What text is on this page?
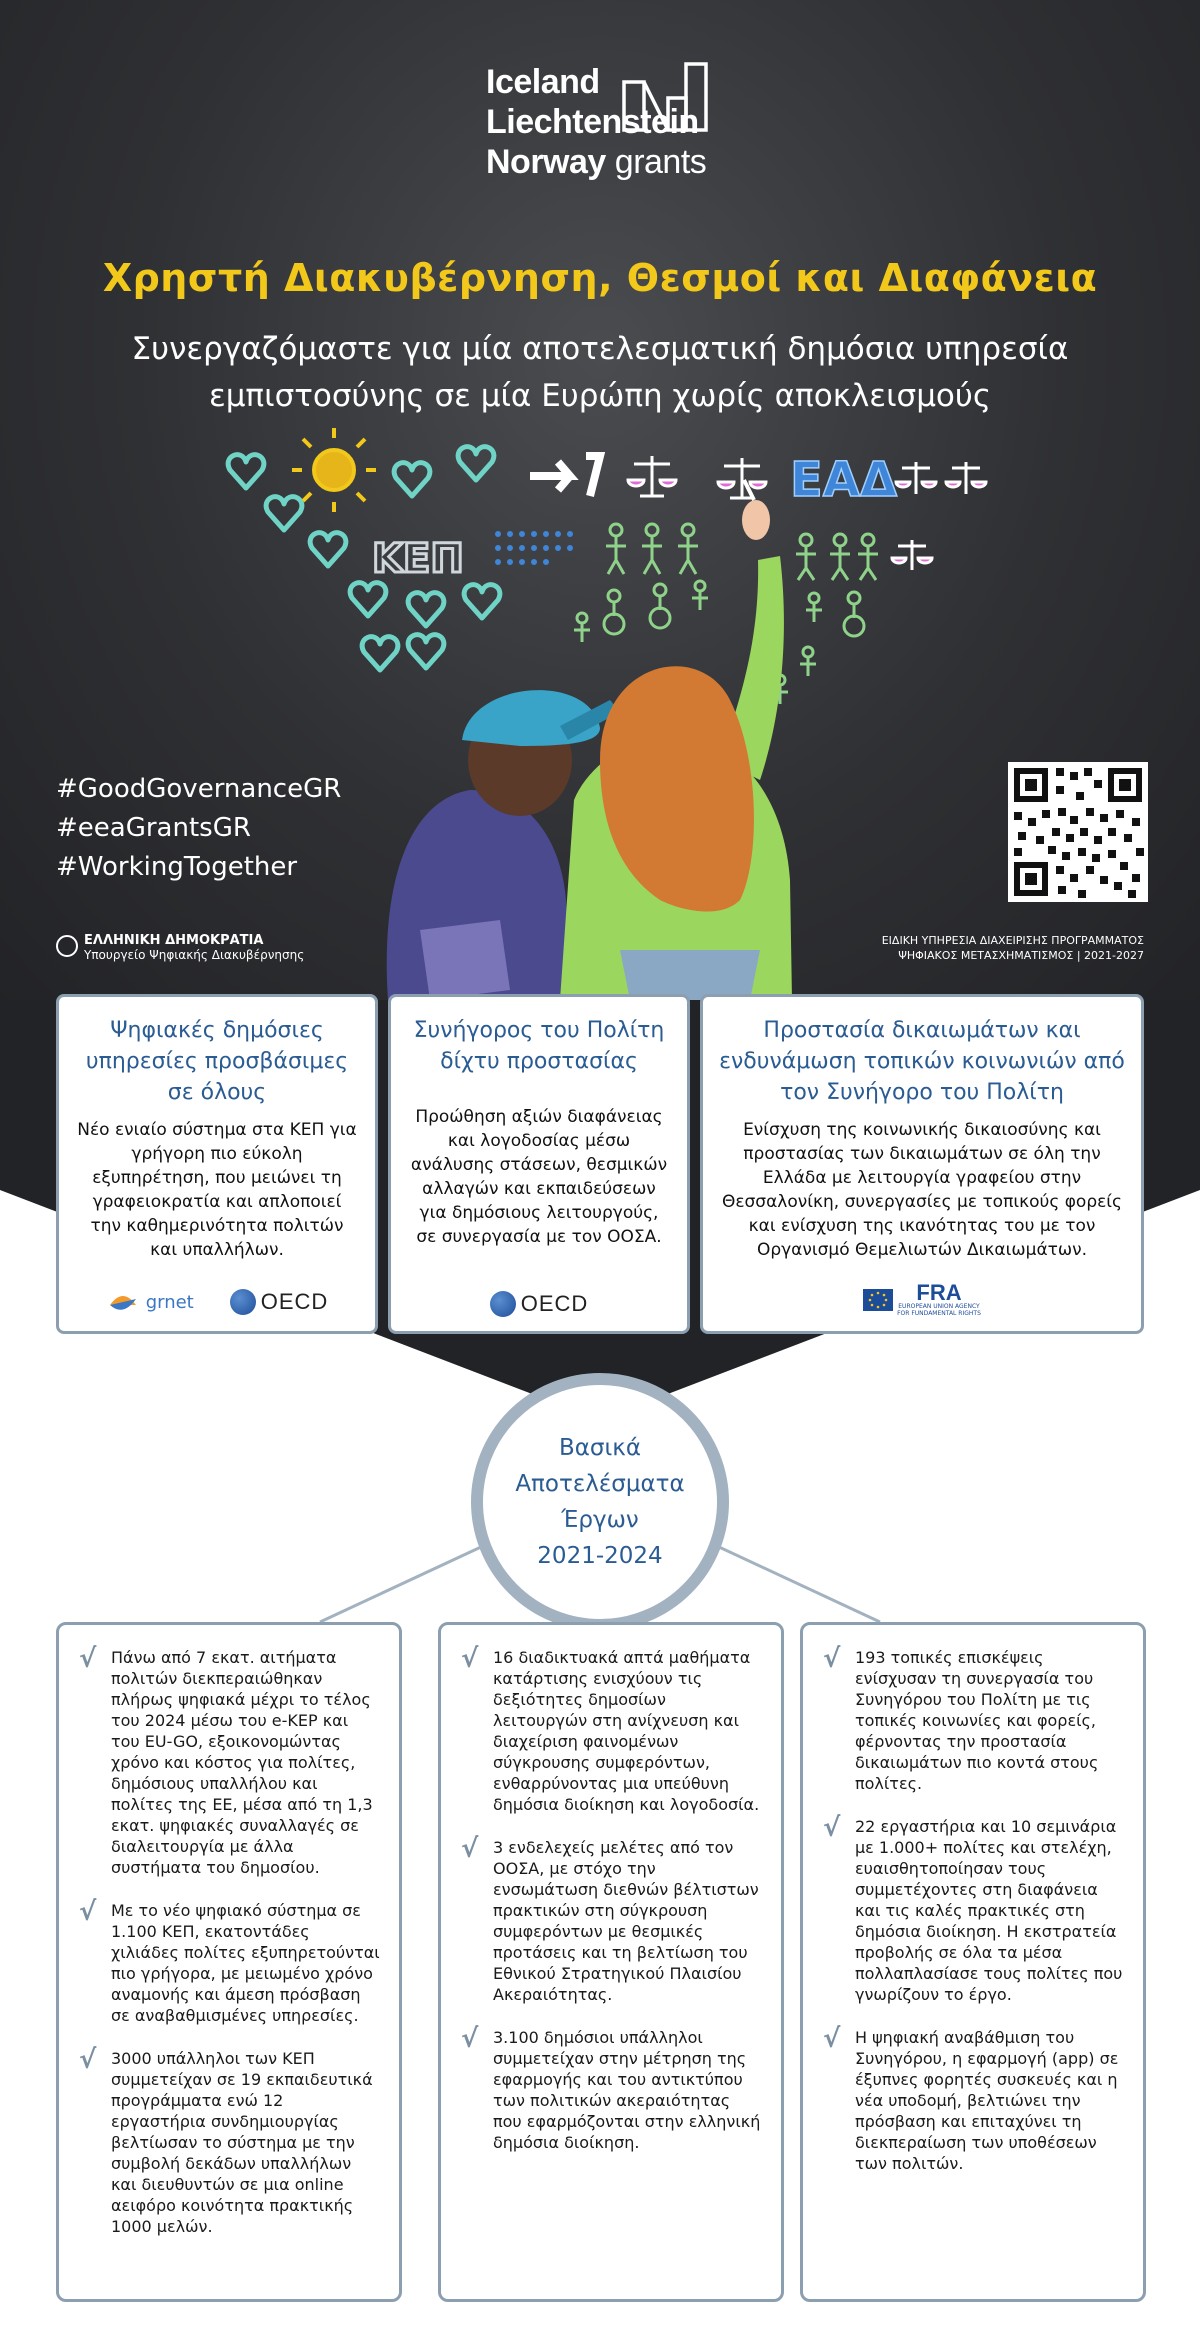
ΕΑΔ
ΚΕΠ
Iceland
Liechtenstein
Norway grants
Χρηστή Διακυβέρνηση, Θεσμοί και Διαφάνεια
Συνεργαζόμαστε για μία αποτελεσματική δημόσια υπηρεσία
εμπιστοσύνης σε μία Ευρώπη χωρίς αποκλεισμούς
#GoodGovernanceGR
#eeaGrantsGR
#WorkingTogether
ΕΛΛΗΝΙΚΗ ΔΗΜΟΚΡΑΤΙΑ
Υπουργείο Ψηφιακής Διακυβέρνησης
ΕΙΔΙΚΗ ΥΠΗΡΕΣΙΑ ΔΙΑΧΕΙΡΙΣΗΣ ΠΡΟΓΡΑΜΜΑΤΟΣ
ΨΗΦΙΑΚΟΣ ΜΕΤΑΣΧΗΜΑΤΙΣΜΟΣ | 2021-2027
Ψηφιακές δημόσιες υπηρεσίες προσβάσιμες σε όλους
Νέο ενιαίο σύστημα στα ΚΕΠ για γρήγορη πιο εύκολη εξυπηρέτηση, που μειώνει τη γραφειοκρατία και απλοποιεί την καθημερινότητα πολιτών και υπαλλήλων.
grnet	OECD
Συνήγορος του Πολίτη δίχτυ προστασίας
Προώθηση αξιών διαφάνειας και λογοδοσίας μέσω ανάλυσης στάσεων, θεσμικών αλλαγών και εκπαιδεύσεων για δημόσιους λειτουργούς, σε συνεργασία με τον ΟΟΣΑ.
OECD
Προστασία δικαιωμάτων και ενδυνάμωση τοπικών κοινωνιών από τον Συνήγορο του Πολίτη
Ενίσχυση της κοινωνικής δικαιοσύνης και προστασίας των δικαιωμάτων σε όλη την Ελλάδα με λειτουργία γραφείου στην Θεσσαλονίκη, συνεργασίες με τοπικούς φορείς και ενίσχυση της ικανότητας του με τον Οργανισμό Θεμελιωτών Δικαιωμάτων.
FRA
EUROPEAN UNION AGENCY
FOR FUNDAMENTAL RIGHTS
Βασικά
Αποτελέσματα
Έργων
2021-2024
√ Πάνω από 7 εκατ. αιτήματα πολιτών διεκπεραιώθηκαν πλήρως ψηφιακά μέχρι το τέλος του 2024 μέσω του e-ΚΕΡ και του EU-GO, εξοικονομώντας χρόνο και κόστος για πολίτες, δημόσιους υπαλλήλου και πολίτες της ΕΕ, μέσα από τη 1,3 εκατ. ψηφιακές συναλλαγές σε διαλειτουργία με άλλα συστήματα του δημοσίου.
√ Με το νέο ψηφιακό σύστημα σε 1.100 ΚΕΠ, εκατοντάδες χιλιάδες πολίτες εξυπηρετούνται πιο γρήγορα, με μειωμένο χρόνο αναμονής και άμεση πρόσβαση σε αναβαθμισμένες υπηρεσίες.
√ 3000 υπάλληλοι των ΚΕΠ συμμετείχαν σε 19 εκπαιδευτικά προγράμματα ενώ 12 εργαστήρια συνδημιουργίας βελτίωσαν το σύστημα με την συμβολή δεκάδων υπαλλήλων και διευθυντών σε μια online αειφόρο κοινότητα πρακτικής 1000 μελών.
√ 16 διαδικτυακά απτά μαθήματα κατάρτισης ενισχύουν τις δεξιότητες δημοσίων λειτουργών στη ανίχνευση και διαχείριση φαινομένων σύγκρουσης συμφερόντων, ενθαρρύνοντας μια υπεύθυνη δημόσια διοίκηση και λογοδοσία.
√ 3 ενδελεχείς μελέτες από τον ΟΟΣΑ, με στόχο την ενσωμάτωση διεθνών βέλτιστων πρακτικών στη σύγκρουση συμφερόντων με θεσμικές προτάσεις και τη βελτίωση του Εθνικού Στρατηγικού Πλαισίου Ακεραιότητας.
√ 3.100 δημόσιοι υπάλληλοι συμμετείχαν στην μέτρηση της εφαρμογής και του αντικτύπου των πολιτικών ακεραιότητας που εφαρμόζονται στην ελληνική δημόσια διοίκηση.
√ 193 τοπικές επισκέψεις ενίσχυσαν τη συνεργασία του Συνηγόρου του Πολίτη με τις τοπικές κοινωνίες και φορείς, φέρνοντας την προστασία δικαιωμάτων πιο κοντά στους πολίτες.
√ 22 εργαστήρια και 10 σεμινάρια με 1.000+ πολίτες και στελέχη, ευαισθητοποίησαν τους συμμετέχοντες στη διαφάνεια και τις καλές πρακτικές στη δημόσια διοίκηση. Η εκστρατεία προβολής σε όλα τα μέσα πολλαπλασίασε τους πολίτες που γνωρίζουν το έργο.
√ Η ψηφιακή αναβάθμιση του Συνηγόρου, η εφαρμογή (app) σε έξυπνες φορητές συσκευές και η νέα υποδομή, βελτιώνει την πρόσβαση και επιταχύνει τη διεκπεραίωση των υποθέσεων των πολιτών.
